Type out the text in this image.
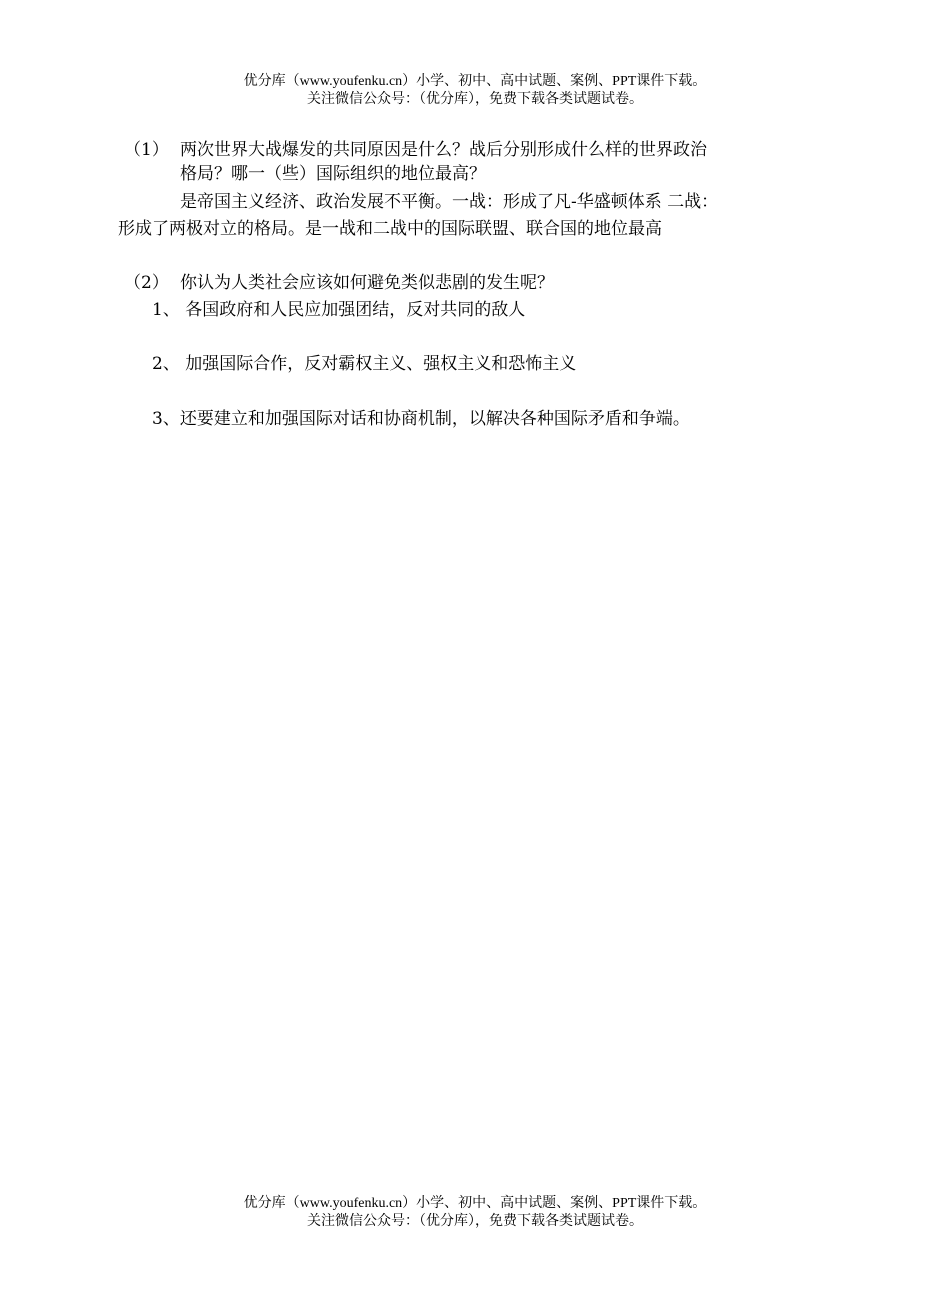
优分库（www.youfenku.cn）小学、初中、高中试题、案例、PPT课件下载。
关注微信公众号：（优分库），免费下载各类试题试卷。
（1） 两次世界大战爆发的共同原因是什么？战后分别形成什么样的世界政治
格局？哪一（些）国际组织的地位最高？
是帝国主义经济、政治发展不平衡。一战：形成了凡-华盛顿体系 二战：
形成了两极对立的格局。是一战和二战中的国际联盟、联合国的地位最高
（2） 你认为人类社会应该如何避免类似悲剧的发生呢？
1、 各国政府和人民应加强团结，反对共同的敌人
2、 加强国际合作，反对霸权主义、强权主义和恐怖主义
3、还要建立和加强国际对话和协商机制，以解决各种国际矛盾和争端。
优分库（www.youfenku.cn）小学、初中、高中试题、案例、PPT课件下载。
关注微信公众号：（优分库），免费下载各类试题试卷。
